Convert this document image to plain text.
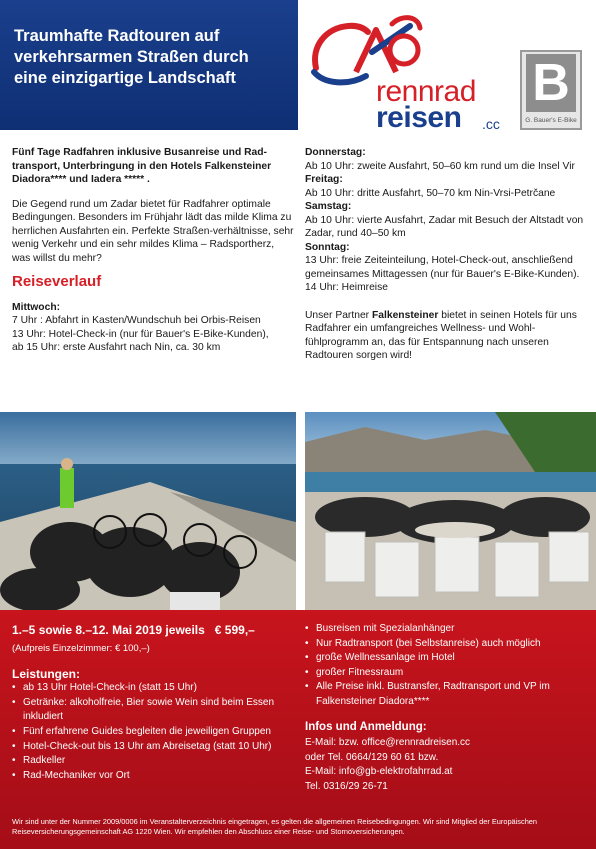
Traumhafte Radtouren auf
verkehrsarmen Straßen durch
eine einzigartige Landschaft	rennrad
reisen .cc
B
G. Bauer's E-Bike
Fünf Tage Radfahren inklusive Busanreise und Rad-transport, Unterbringung in den Hotels Falkensteiner Diadora**** und Iadera ***** .
Die Gegend rund um Zadar bietet für Radfahrer optimale Bedingungen. Besonders im Frühjahr lädt das milde Klima zu herrlichen Ausfahrten ein. Perfekte Straßen-verhältnisse, sehr wenig Verkehr und ein sehr mildes Klima – Radsportherz, was willst du mehr?
Reiseverlauf
Mittwoch:
7 Uhr : Abfahrt in Kasten/Wundschuh bei Orbis-Reisen
13 Uhr: Hotel-Check-in (nur für Bauer's E-Bike-Kunden),
ab 15 Uhr: erste Ausfahrt nach Nin, ca. 30 km
Donnerstag:
Ab 10 Uhr: zweite Ausfahrt, 50–60 km rund um die Insel Vir
Freitag:
Ab 10 Uhr: dritte Ausfahrt, 50–70 km Nin-Vrsi-Petrčane
Samstag:
Ab 10 Uhr: vierte Ausfahrt, Zadar mit Besuch der Altstadt von Zadar, rund 40–50 km
Sonntag:
13 Uhr: freie Zeiteinteilung, Hotel-Check-out, anschließend gemeinsames Mittagessen (nur für Bauer's E-Bike-Kunden). 14 Uhr: Heimreise
Unser Partner Falkensteiner bietet in seinen Hotels für uns Radfahrer ein umfangreiches Wellness- und Wohl-fühlprogramm an, das für Entspannung nach unseren Radtouren sorgen wird!
1.–5 sowie 8.–12. Mai 2019 jeweils € 599,–
(Aufpreis Einzelzimmer: € 100,–)
Leistungen:
• ab 13 Uhr Hotel-Check-in (statt 15 Uhr)
• Getränke: alkoholfreie, Bier sowie Wein sind beim Essen inkludiert
• Fünf erfahrene Guides begleiten die jeweiligen Gruppen
• Hotel-Check-out bis 13 Uhr am Abreisetag (statt 10 Uhr)
• Radkeller
• Rad-Mechaniker vor Ort
• Busreisen mit Spezialanhänger
• Nur Radtransport (bei Selbstanreise) auch möglich
• große Wellnessanlage im Hotel
• großer Fitnessraum
• Alle Preise inkl. Bustransfer, Radtransport und VP im Falkensteiner Diadora****
Infos und Anmeldung:
E-Mail: bzw. office@rennradreisen.cc
oder Tel. 0664/129 60 61 bzw.
E-Mail: info@gb-elektrofahrrad.at
Tel. 0316/29 26-71
Wir sind unter der Nummer 2009/0006 im Veranstalterverzeichnis eingetragen, es gelten die allgemeinen Reisebedingungen. Wir sind Mitglied der Europäischen Reiseversicherungsgemeinschaft AG 1220 Wien. Wir empfehlen den Abschluss einer Reise- und Stornoversicherungen.
